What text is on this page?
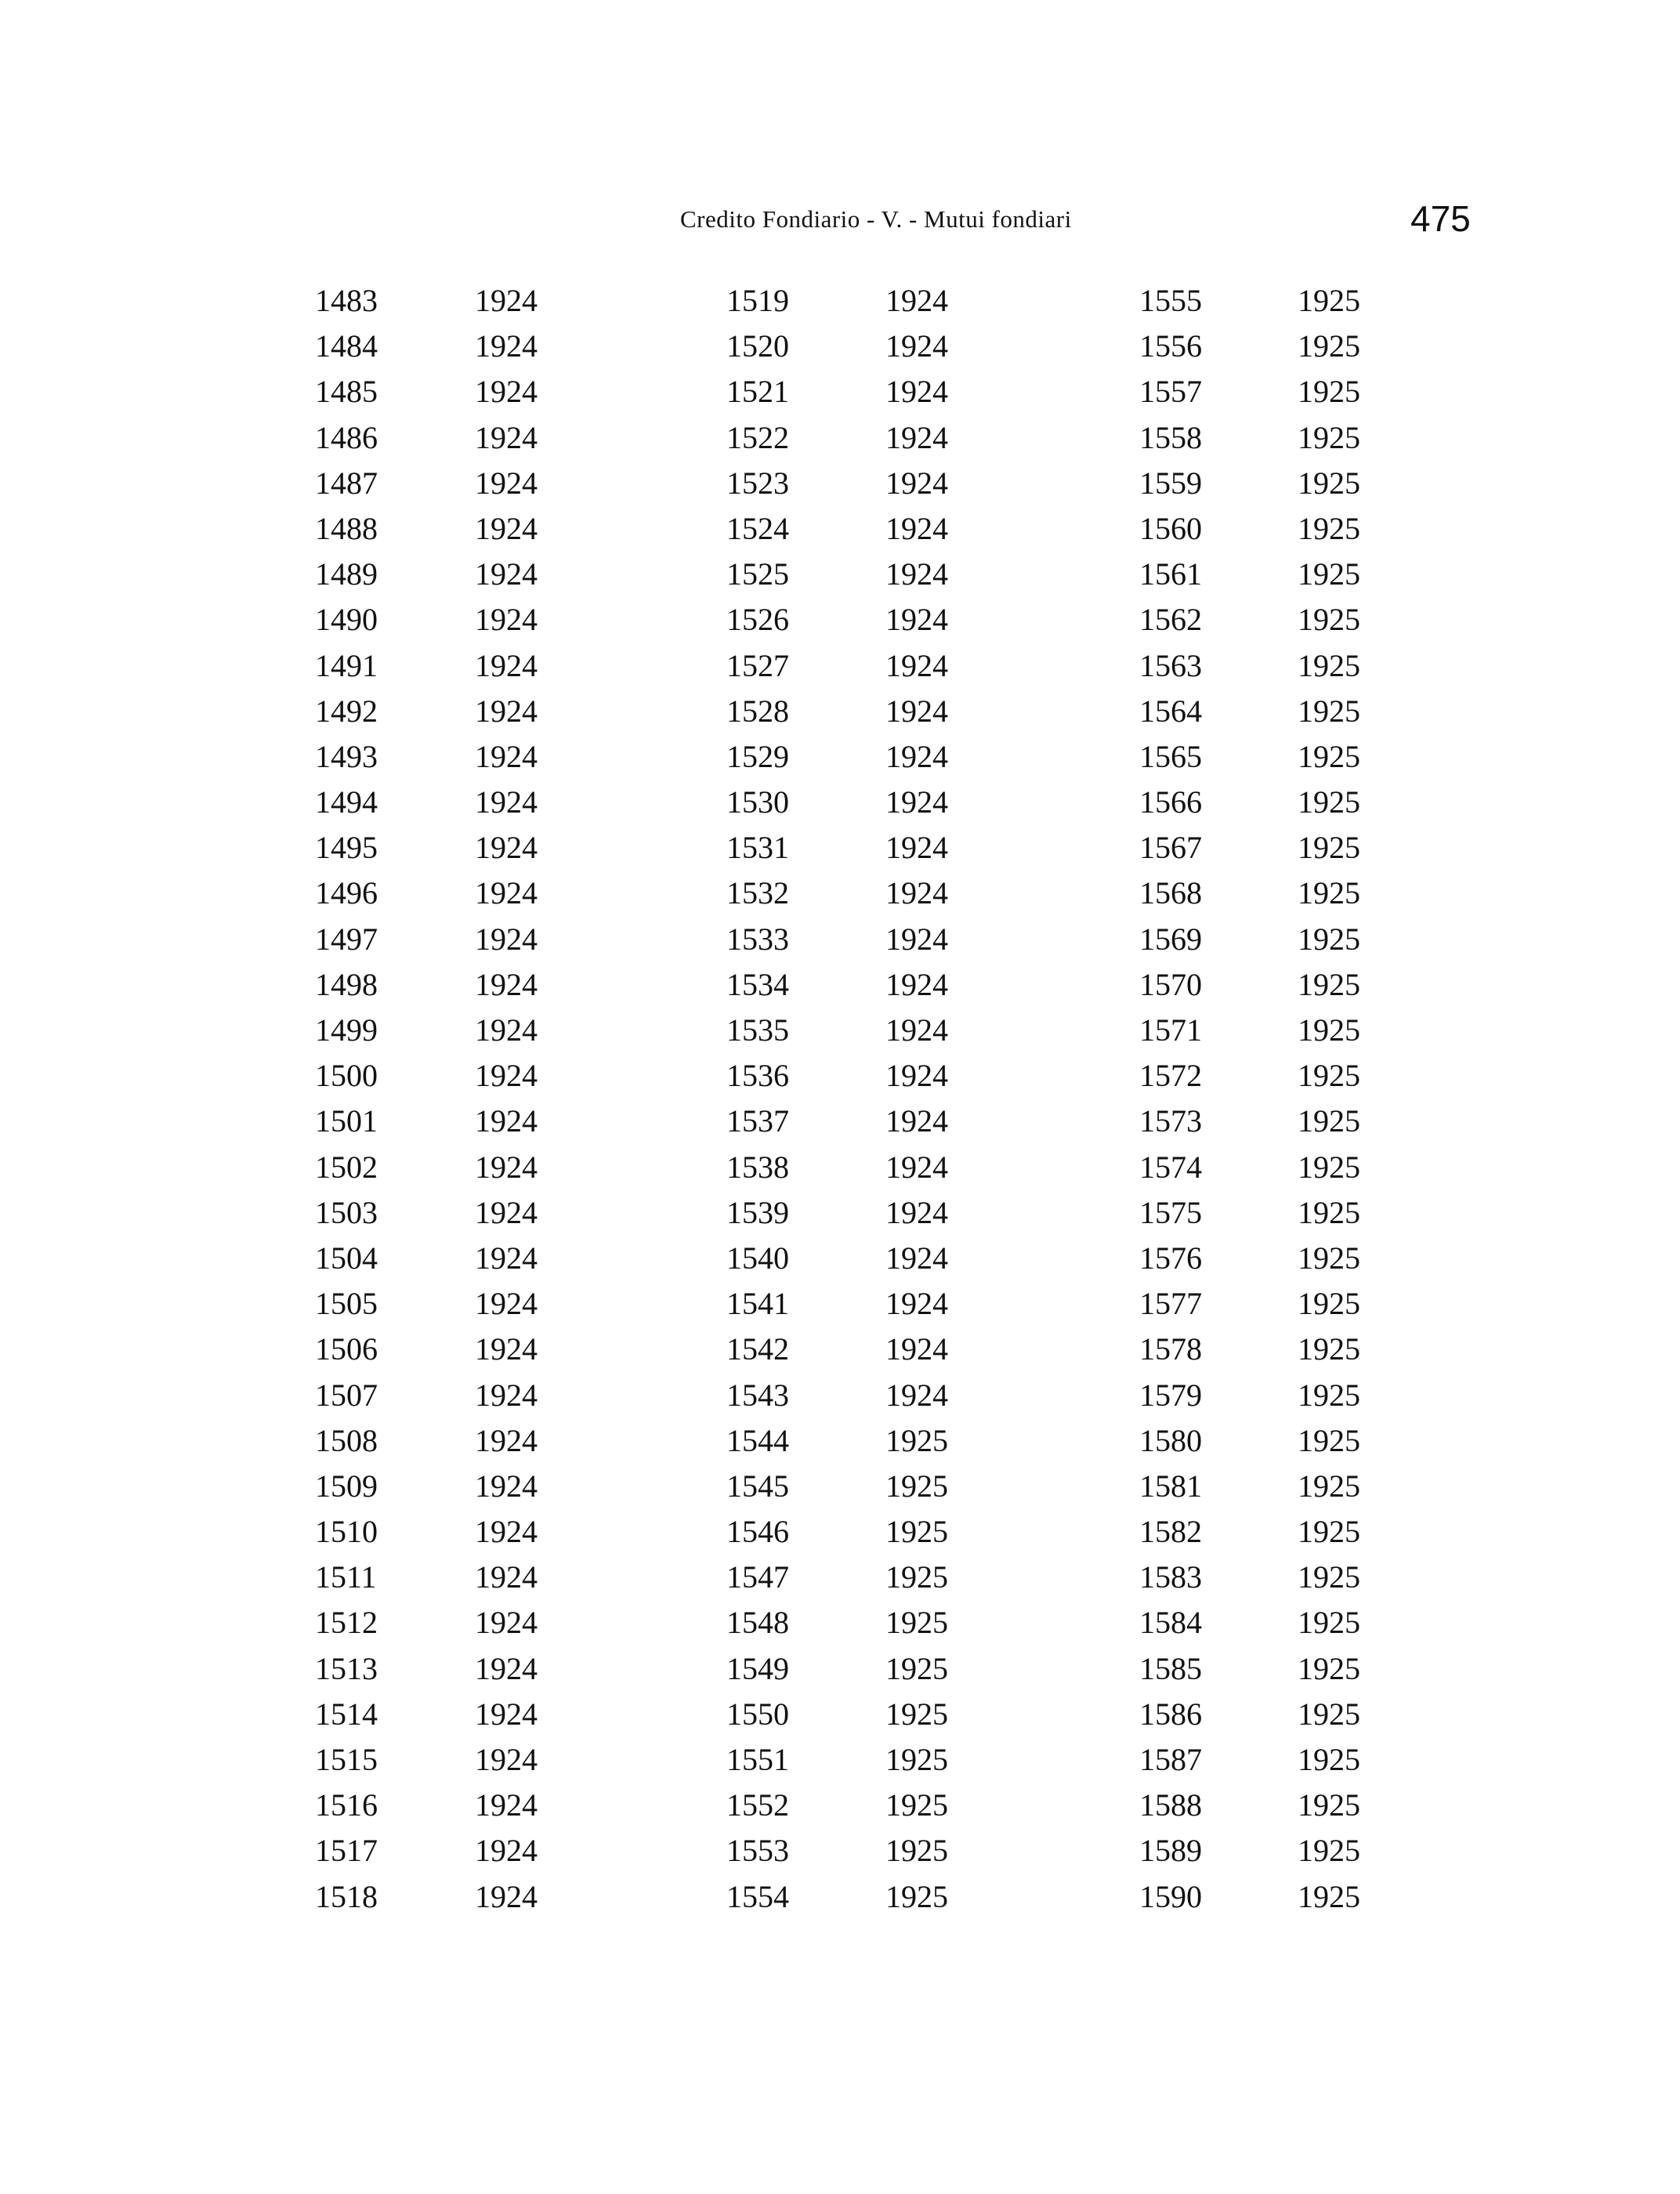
Credito Fondiario - V. - Mutui fondiari	475
1483
1484
1485
1486
1487
1488
1489
1490
1491
1492
1493
1494
1495
1496
1497
1498
1499
1500
1501
1502
1503
1504
1505
1506
1507
1508
1509
1510
1511
1512
1513
1514
1515
1516
1517
1518
1924
1924
1924
1924
1924
1924
1924
1924
1924
1924
1924
1924
1924
1924
1924
1924
1924
1924
1924
1924
1924
1924
1924
1924
1924
1924
1924
1924
1924
1924
1924
1924
1924
1924
1924
1924
1519
1520
1521
1522
1523
1524
1525
1526
1527
1528
1529
1530
1531
1532
1533
1534
1535
1536
1537
1538
1539
1540
1541
1542
1543
1544
1545
1546
1547
1548
1549
1550
1551
1552
1553
1554
1924
1924
1924
1924
1924
1924
1924
1924
1924
1924
1924
1924
1924
1924
1924
1924
1924
1924
1924
1924
1924
1924
1924
1924
1924
1925
1925
1925
1925
1925
1925
1925
1925
1925
1925
1925
1555
1556
1557
1558
1559
1560
1561
1562
1563
1564
1565
1566
1567
1568
1569
1570
1571
1572
1573
1574
1575
1576
1577
1578
1579
1580
1581
1582
1583
1584
1585
1586
1587
1588
1589
1590
1925
1925
1925
1925
1925
1925
1925
1925
1925
1925
1925
1925
1925
1925
1925
1925
1925
1925
1925
1925
1925
1925
1925
1925
1925
1925
1925
1925
1925
1925
1925
1925
1925
1925
1925
1925
